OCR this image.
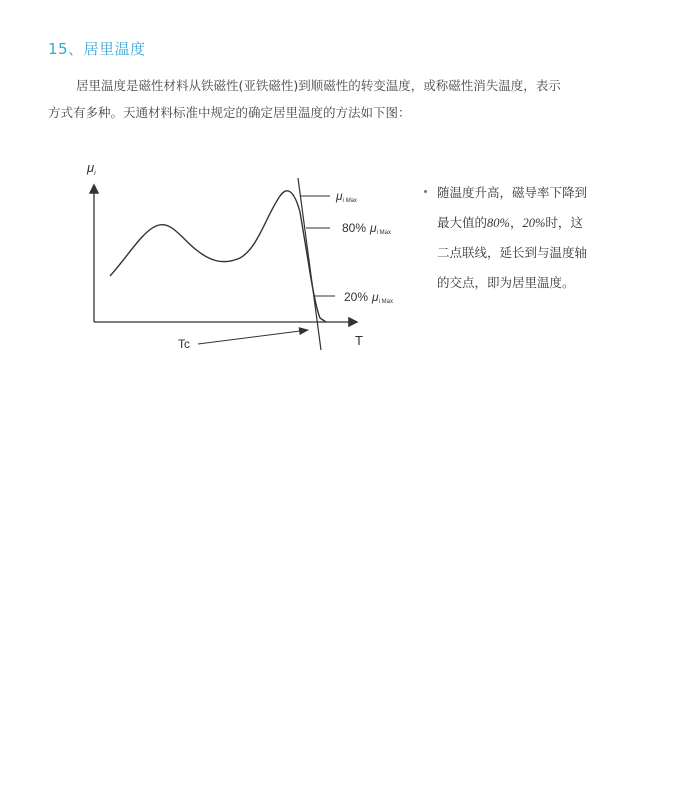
15、居里温度
居里温度是磁性材料从铁磁性(亚铁磁性)到顺磁性的转变温度，或称磁性消失温度，表示
方式有多种。天通材料标准中规定的确定居里温度的方法如下图：
$\mu_i$
T
μi Max
80% μi Max
20% μi Max
Tc
随温度升高，磁导率下降到
最大值的80%，20%时，这
二点联线，延长到与温度轴
的交点，即为居里温度。
